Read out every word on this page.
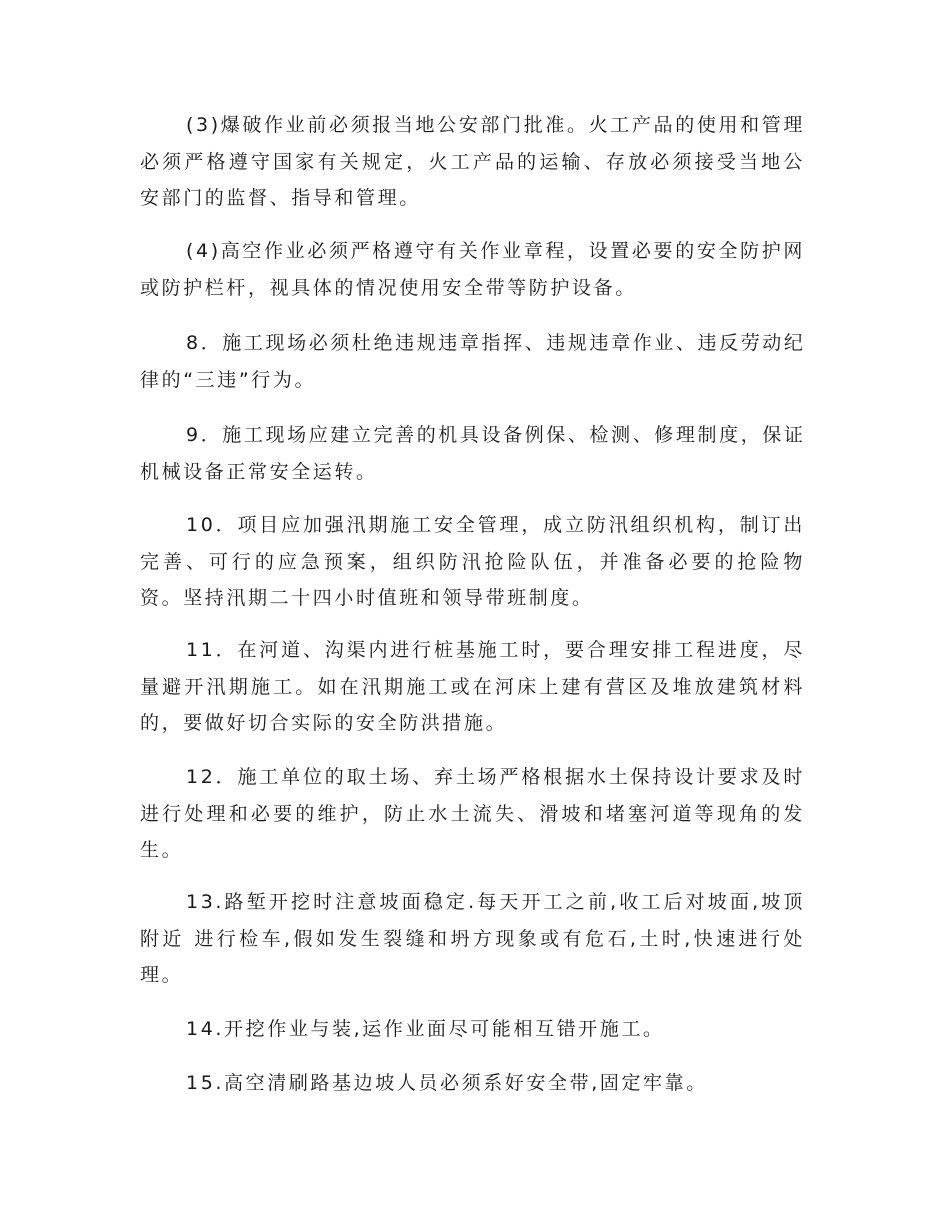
(3)爆破作业前必须报当地公安部门批准。火工产品的使用和管理
必须严格遵守国家有关规定，火工产品的运输、存放必须接受当地公
安部门的监督、指导和管理。
(4)高空作业必须严格遵守有关作业章程，设置必要的安全防护网
或防护栏杆，视具体的情况使用安全带等防护设备。
8．施工现场必须杜绝违规违章指挥、违规违章作业、违反劳动纪
律的“三违”行为。
9．施工现场应建立完善的机具设备例保、检测、修理制度，保证
机械设备正常安全运转。
10．项目应加强汛期施工安全管理，成立防汛组织机构，制订出
完善、可行的应急预案，组织防汛抢险队伍，并准备必要的抢险物
资。坚持汛期二十四小时值班和领导带班制度。
11．在河道、沟渠内进行桩基施工时，要合理安排工程进度，尽
量避开汛期施工。如在汛期施工或在河床上建有营区及堆放建筑材料
的，要做好切合实际的安全防洪措施。
12．施工单位的取土场、弃土场严格根据水土保持设计要求及时
进行处理和必要的维护，防止水土流失、滑坡和堵塞河道等现角的发
生。
13.路堑开挖时注意坡面稳定.每天开工之前,收工后对坡面,坡顶
附近 进行检车,假如发生裂缝和坍方现象或有危石,土时,快速进行处
理。
14.开挖作业与装,运作业面尽可能相互错开施工。
15.高空清刷路基边坡人员必须系好安全带,固定牢靠。
